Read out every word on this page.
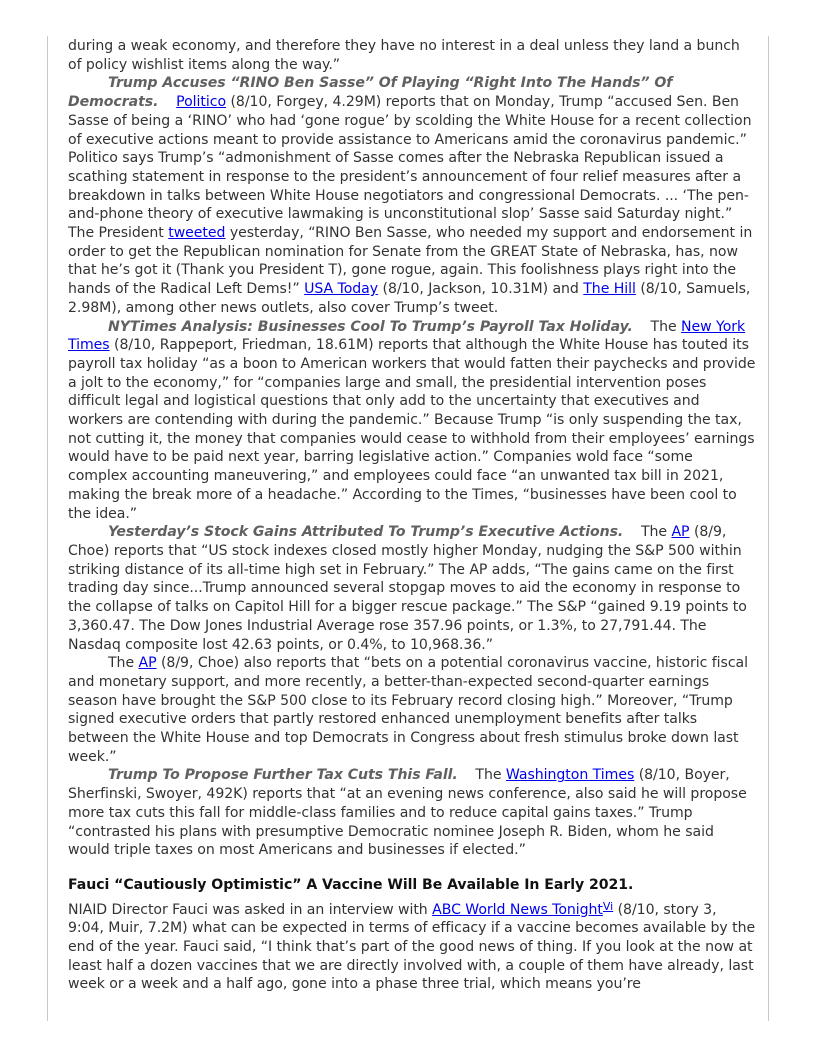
during a weak economy, and therefore they have no interest in a deal unless they land a bunch of policy wishlist items along the way.”

Trump Accuses “RINO Ben Sasse” Of Playing “Right Into The Hands” Of Democrats. Politico (8/10, Forgey, 4.29M) reports that on Monday, Trump “accused Sen. Ben Sasse of being a ‘RINO’ who had ‘gone rogue’ by scolding the White House for a recent collection of executive actions meant to provide assistance to Americans amid the coronavirus pandemic.” Politico says Trump’s “admonishment of Sasse comes after the Nebraska Republican issued a scathing statement in response to the president’s announcement of four relief measures after a breakdown in talks between White House negotiators and congressional Democrats. ... ‘The pen-and-phone theory of executive lawmaking is unconstitutional slop’ Sasse said Saturday night.” The President tweeted yesterday, “RINO Ben Sasse, who needed my support and endorsement in order to get the Republican nomination for Senate from the GREAT State of Nebraska, has, now that he’s got it (Thank you President T), gone rogue, again. This foolishness plays right into the hands of the Radical Left Dems!” USA Today (8/10, Jackson, 10.31M) and The Hill (8/10, Samuels, 2.98M), among other news outlets, also cover Trump’s tweet.

NYTimes Analysis: Businesses Cool To Trump’s Payroll Tax Holiday. The New York Times (8/10, Rappeport, Friedman, 18.61M) reports that although the White House has touted its payroll tax holiday “as a boon to American workers that would fatten their paychecks and provide a jolt to the economy,” for “companies large and small, the presidential intervention poses difficult legal and logistical questions that only add to the uncertainty that executives and workers are contending with during the pandemic.” Because Trump “is only suspending the tax, not cutting it, the money that companies would cease to withhold from their employees’ earnings would have to be paid next year, barring legislative action.” Companies wold face “some complex accounting maneuvering,” and employees could face “an unwanted tax bill in 2021, making the break more of a headache.” According to the Times, “businesses have been cool to the idea.”

Yesterday’s Stock Gains Attributed To Trump’s Executive Actions. The AP (8/9, Choe) reports that “US stock indexes closed mostly higher Monday, nudging the S&P 500 within striking distance of its all-time high set in February.” The AP adds, “The gains came on the first trading day since...Trump announced several stopgap moves to aid the economy in response to the collapse of talks on Capitol Hill for a bigger rescue package.” The S&P “gained 9.19 points to 3,360.47. The Dow Jones Industrial Average rose 357.96 points, or 1.3%, to 27,791.44. The Nasdaq composite lost 42.63 points, or 0.4%, to 10,968.36.”

The AP (8/9, Choe) also reports that “bets on a potential coronavirus vaccine, historic fiscal and monetary support, and more recently, a better-than-expected second-quarter earnings season have brought the S&P 500 close to its February record closing high.” Moreover, “Trump signed executive orders that partly restored enhanced unemployment benefits after talks between the White House and top Democrats in Congress about fresh stimulus broke down last week.”

Trump To Propose Further Tax Cuts This Fall. The Washington Times (8/10, Boyer, Sherfinski, Swoyer, 492K) reports that “at an evening news conference, also said he will propose more tax cuts this fall for middle-class families and to reduce capital gains taxes.” Trump “contrasted his plans with presumptive Democratic nominee Joseph R. Biden, whom he said would triple taxes on most Americans and businesses if elected.”

Fauci “Cautiously Optimistic” A Vaccine Will Be Available In Early 2021.

NIAID Director Fauci was asked in an interview with ABC World News Tonight$^{Vi}$ (8/10, story 3, 9:04, Muir, 7.2M) what can be expected in terms of efficacy if a vaccine becomes available by the end of the year. Fauci said, “I think that’s part of the good news of thing. If you look at the now at least half a dozen vaccines that we are directly involved with, a couple of them have already, last week or a week and a half ago, gone into a phase three trial, which means you’re
